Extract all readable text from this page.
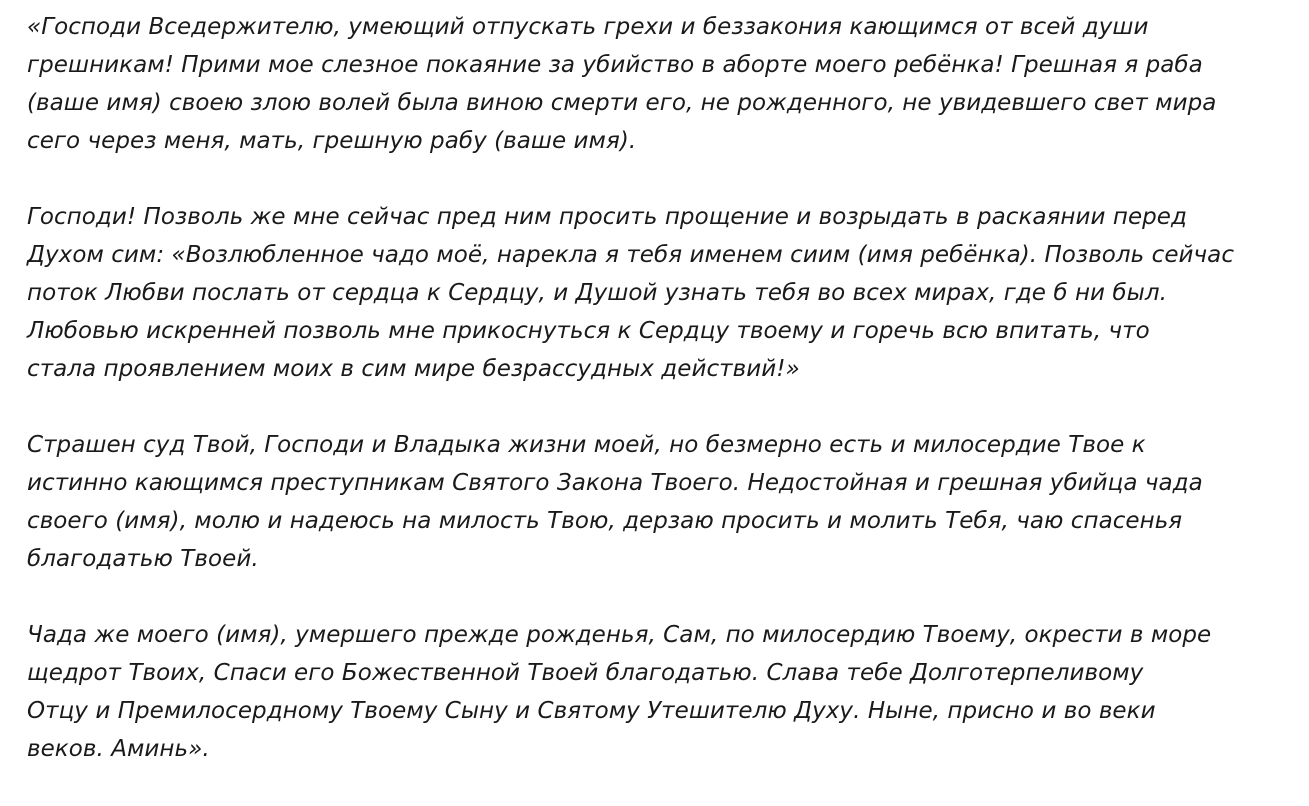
«Господи Вседержителю, умеющий отпускать грехи и беззакония кающимся от всей души
грешникам! Прими мое слезное покаяние за убийство в аборте моего ребёнка! Грешная я раба
(ваше имя) своею злою волей была виною смерти его, не рожденного, не увидевшего свет мира
сего через меня, мать, грешную рабу (ваше имя).

Господи! Позволь же мне сейчас пред ним просить прощение и возрыдать в раскаянии перед
Духом сим: «Возлюбленное чадо моё, нарекла я тебя именем сиим (имя ребёнка). Позволь сейчас
поток Любви послать от сердца к Сердцу, и Душой узнать тебя во всех мирах, где б ни был.
Любовью искренней позволь мне прикоснуться к Сердцу твоему и горечь всю впитать, что
стала проявлением моих в сим мире безрассудных действий!»

Страшен суд Твой, Господи и Владыка жизни моей, но безмерно есть и милосердие Твое к
истинно кающимся преступникам Святого Закона Твоего. Недостойная и грешная убийца чада
своего (имя), молю и надеюсь на милость Твою, дерзаю просить и молить Тебя, чаю спасенья
благодатью Твоей.

Чада же моего (имя), умершего прежде рожденья, Сам, по милосердию Твоему, окрести в море
щедрот Твоих, Спаси его Божественной Твоей благодатью. Слава тебе Долготерпеливому
Отцу и Премилосердному Твоему Сыну и Святому Утешителю Духу. Ныне, присно и во веки
веков. Аминь».
